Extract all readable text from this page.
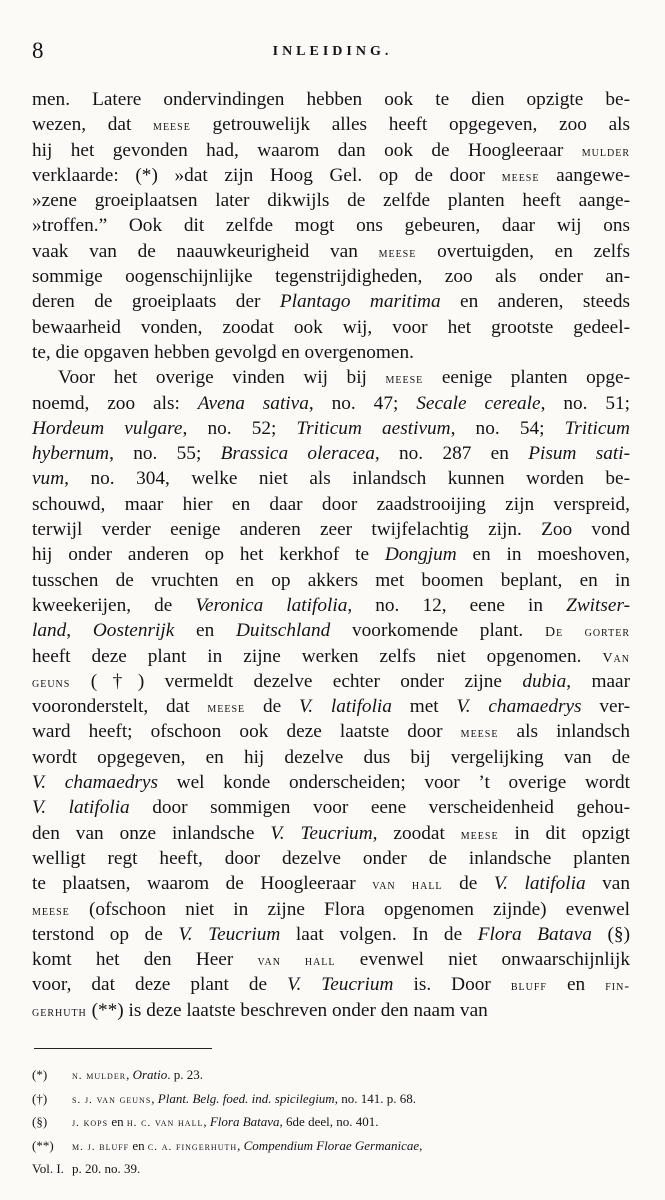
8	INLEIDING.
men. Latere ondervindingen hebben ook te dien opzigte be-
wezen, dat meese getrouwelijk alles heeft opgegeven, zoo als
hij het gevonden had, waarom dan ook de Hoogleeraar mulder
verklaarde: (*) »dat zijn Hoog Gel. op de door meese aangewe-
»zene groeiplaatsen later dikwijls de zelfde planten heeft aange-
»troffen.” Ook dit zelfde mogt ons gebeuren, daar wij ons
vaak van de naauwkeurigheid van meese overtuigden, en zelfs
sommige oogenschijnlijke tegenstrijdigheden, zoo als onder an-
deren de groeiplaats der Plantago maritima en anderen, steeds
bewaarheid vonden, zoodat ook wij, voor het grootste gedeel-
te, die opgaven hebben gevolgd en overgenomen.
Voor het overige vinden wij bij meese eenige planten opge-
noemd, zoo als: Avena sativa, no. 47; Secale cereale, no. 51;
Hordeum vulgare, no. 52; Triticum aestivum, no. 54; Triticum
hybernum, no. 55; Brassica oleracea, no. 287 en Pisum sati-
vum, no. 304, welke niet als inlandsch kunnen worden be-
schouwd, maar hier en daar door zaadstrooijing zijn verspreid,
terwijl verder eenige anderen zeer twijfelachtig zijn. Zoo vond
hij onder anderen op het kerkhof te Dongjum en in moeshoven,
tusschen de vruchten en op akkers met boomen beplant, en in
kweekerijen, de Veronica latifolia, no. 12, eene in Zwitser-
land, Oostenrijk en Duitschland voorkomende plant. De gorter
heeft deze plant in zijne werken zelfs niet opgenomen. Van
geuns (†) vermeldt dezelve echter onder zijne dubia, maar
vooronderstelt, dat meese de V. latifolia met V. chamaedrys ver-
ward heeft; ofschoon ook deze laatste door meese als inlandsch
wordt opgegeven, en hij dezelve dus bij vergelijking van de
V. chamaedrys wel konde onderscheiden; voor ’t overige wordt
V. latifolia door sommigen voor eene verscheidenheid gehou-
den van onze inlandsche V. Teucrium, zoodat meese in dit opzigt
welligt regt heeft, door dezelve onder de inlandsche planten
te plaatsen, waarom de Hoogleeraar van hall de V. latifolia van
meese (ofschoon niet in zijne Flora opgenomen zijnde) evenwel
terstond op de V. Teucrium laat volgen. In de Flora Batava (§)
komt het den Heer van hall evenwel niet onwaarschijnlijk
voor, dat deze plant de V. Teucrium is. Door bluff en fin-
gerhuth (**) is deze laatste beschreven onder den naam van
(*) n. mulder, Oratio. p. 23.
(†) s. j. van geuns, Plant. Belg. foed. ind. spicilegium, no. 141. p. 68.
(§) j. kops en h. c. van hall, Flora Batava, 6de deel, no. 401.
(**) m. j. bluff en c. a. fingerhuth, Compendium Florae Germanicae,
Vol. I. p. 20. no. 39.
